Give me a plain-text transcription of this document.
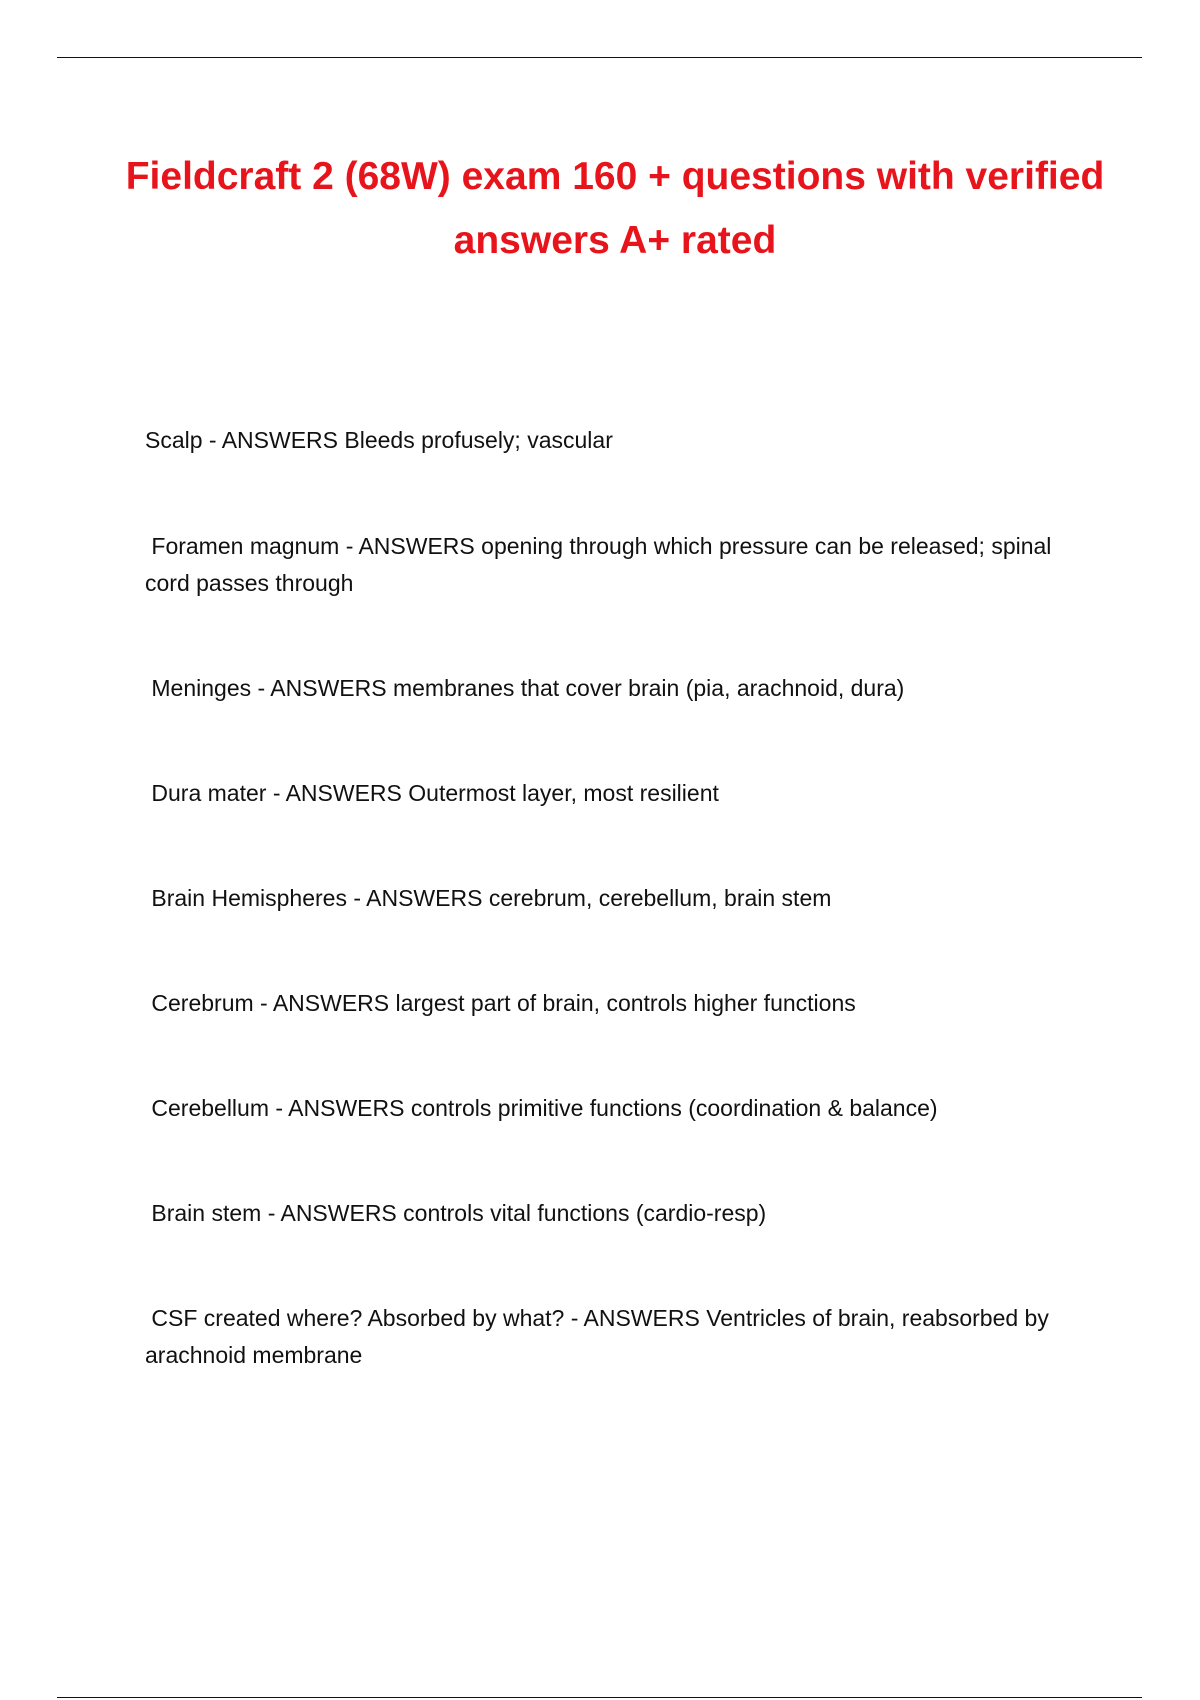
Fieldcraft 2 (68W) exam 160 + questions with verified answers A+ rated
Scalp - ANSWERS Bleeds profusely; vascular
Foramen magnum - ANSWERS opening through which pressure can be released; spinal cord passes through
Meninges - ANSWERS membranes that cover brain (pia, arachnoid, dura)
Dura mater - ANSWERS Outermost layer, most resilient
Brain Hemispheres - ANSWERS cerebrum, cerebellum, brain stem
Cerebrum - ANSWERS largest part of brain, controls higher functions
Cerebellum - ANSWERS controls primitive functions (coordination & balance)
Brain stem - ANSWERS controls vital functions (cardio-resp)
CSF created where? Absorbed by what? - ANSWERS Ventricles of brain, reabsorbed by arachnoid membrane
